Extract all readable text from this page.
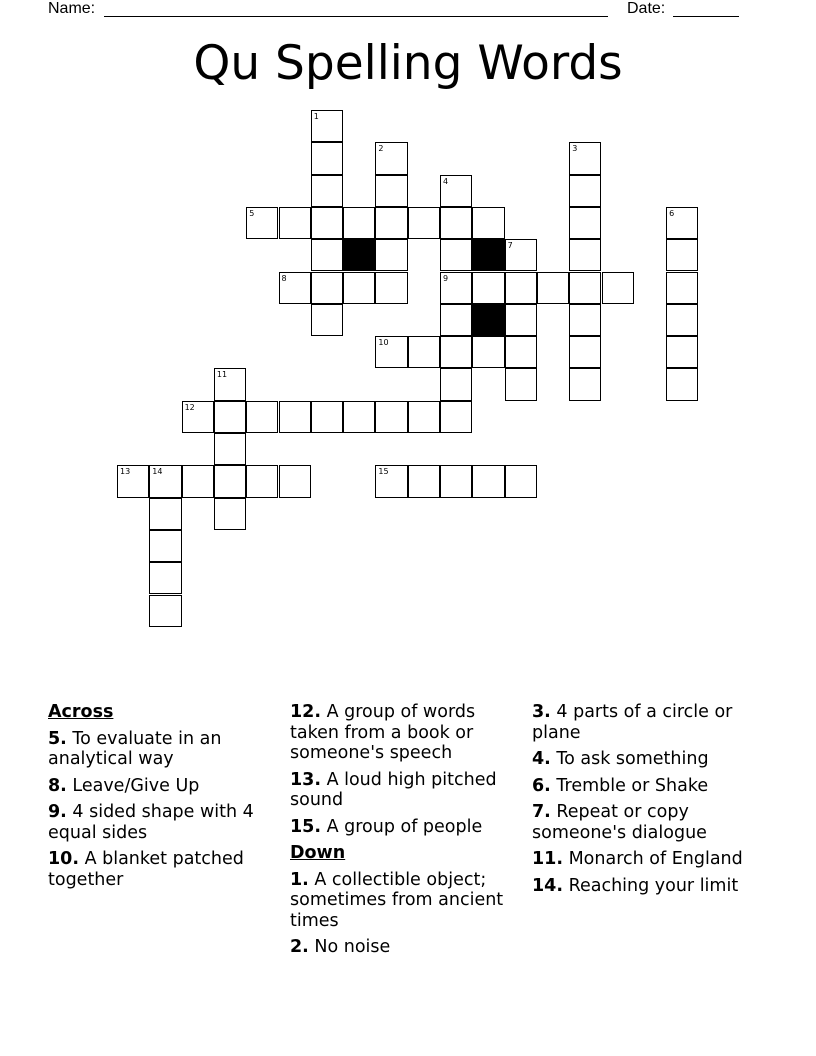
Name:	Date:
Qu Spelling Words
1
2	3
4
5	6
7
8	9
10
11
12
13	14	15
Across
5. To evaluate in an analytical way
8. Leave/Give Up
9. 4 sided shape with 4 equal sides
10. A blanket patched together
12. A group of words taken from a book or someone's speech
13. A loud high pitched sound
15. A group of people
Down
1. A collectible object; sometimes from ancient times
2. No noise
3. 4 parts of a circle or plane
4. To ask something
6. Tremble or Shake
7. Repeat or copy someone's dialogue
11. Monarch of England
14. Reaching your limit
